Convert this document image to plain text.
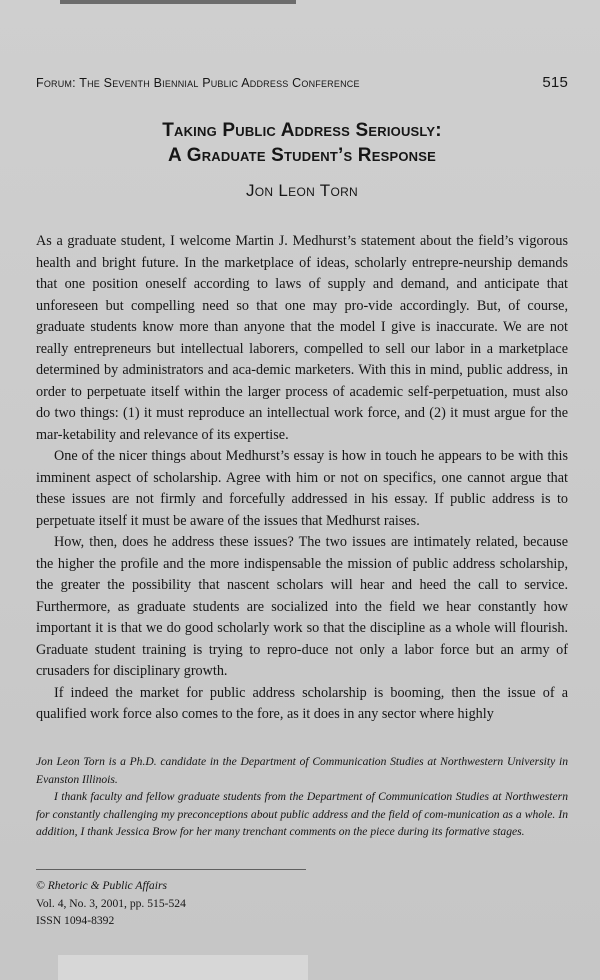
Forum: The Seventh Biennial Public Address Conference	515
Taking Public Address Seriously:
A Graduate Student’s Response
Jon Leon Torn

As a graduate student, I welcome Martin J. Medhurst’s statement about the field’s vigorous health and bright future. In the marketplace of ideas, scholarly entrepre-neurship demands that one position oneself according to laws of supply and demand, and anticipate that unforeseen but compelling need so that one may pro-vide accordingly. But, of course, graduate students know more than anyone that the model I give is inaccurate. We are not really entrepreneurs but intellectual laborers, compelled to sell our labor in a marketplace determined by administrators and aca-demic marketers. With this in mind, public address, in order to perpetuate itself within the larger process of academic self-perpetuation, must also do two things: (1) it must reproduce an intellectual work force, and (2) it must argue for the mar-ketability and relevance of its expertise.

One of the nicer things about Medhurst’s essay is how in touch he appears to be with this imminent aspect of scholarship. Agree with him or not on specifics, one cannot argue that these issues are not firmly and forcefully addressed in his essay. If public address is to perpetuate itself it must be aware of the issues that Medhurst raises.

How, then, does he address these issues? The two issues are intimately related, because the higher the profile and the more indispensable the mission of public address scholarship, the greater the possibility that nascent scholars will hear and heed the call to service. Furthermore, as graduate students are socialized into the field we hear constantly how important it is that we do good scholarly work so that the discipline as a whole will flourish. Graduate student training is trying to repro-duce not only a labor force but an army of crusaders for disciplinary growth.

If indeed the market for public address scholarship is booming, then the issue of a qualified work force also comes to the fore, as it does in any sector where highly

Jon Leon Torn is a Ph.D. candidate in the Department of Communication Studies at Northwestern University in Evanston Illinois.

I thank faculty and fellow graduate students from the Department of Communication Studies at Northwestern for constantly challenging my preconceptions about public address and the field of com-munication as a whole. In addition, I thank Jessica Brow for her many trenchant comments on the piece during its formative stages.

© Rhetoric & Public Affairs
Vol. 4, No. 3, 2001, pp. 515-524
ISSN 1094-8392
